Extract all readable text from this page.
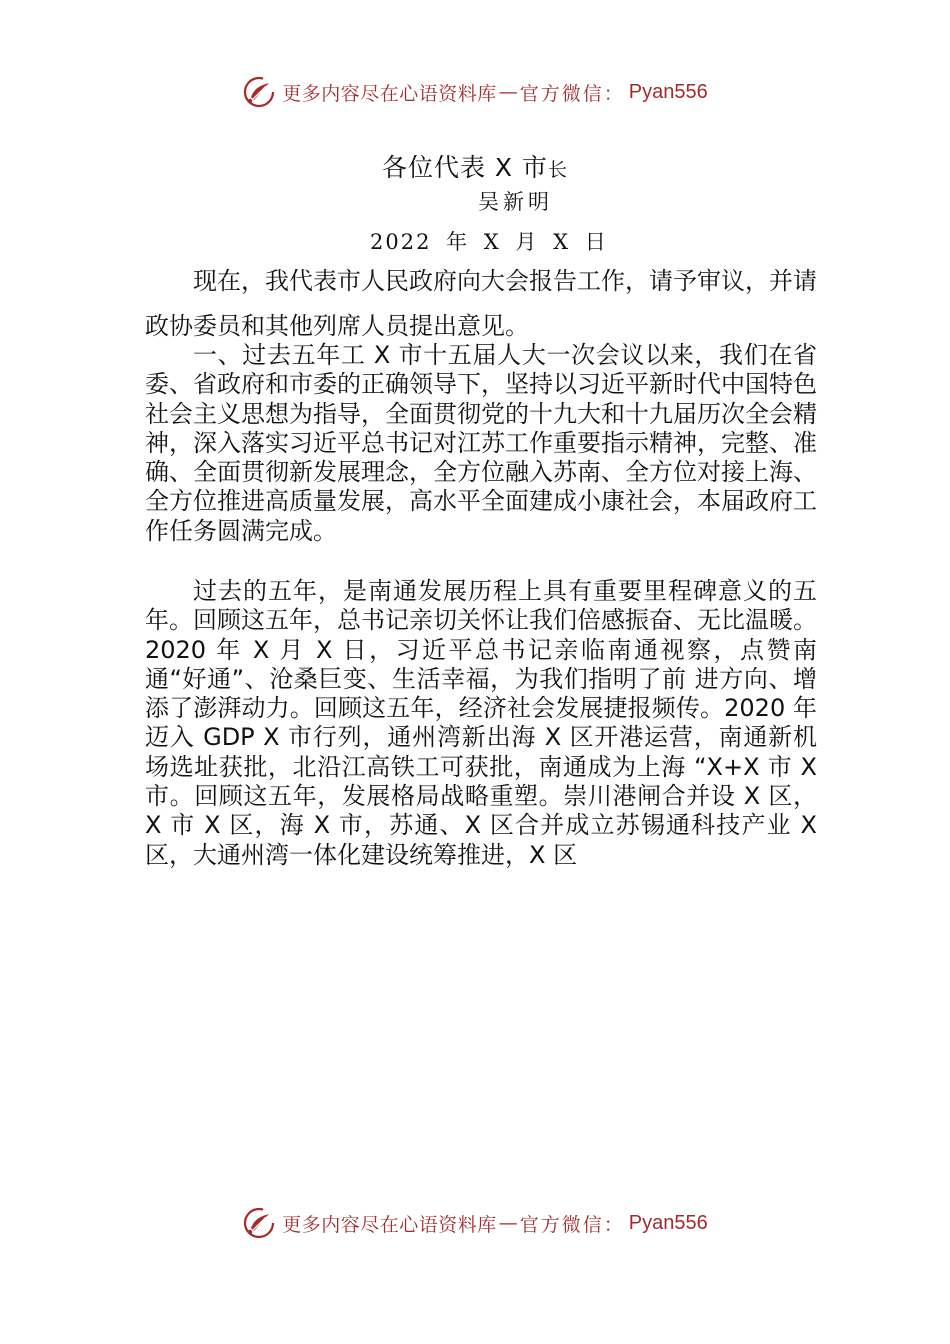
更多内容尽在心语资料库 — 官方微信： Pyan556
各位代表 X 市长
吴新明
2022 年 X 月 X 日

现在，我代表市人民政府向大会报告工作，请予审议，并请政协委员和其他列席人员提出意见。

一、过去五年工 X 市十五届人大一次会议以来，我们在省委、省政府和市委的正确领导下，坚持以习近平新时代中国特色社会主义思想为指导，全面贯彻党的十九大和十九届历次全会精神，深入落实习近平总书记对江苏工作重要指示精神，完整、准确、全面贯彻新发展理念，全方位融入苏南、全方位对接上海、 全方位推进高质量发展，高水平全面建成小康社会，本届政府工作任务圆满完成。

过去的五年，是南通发展历程上具有重要里程碑意义的五年。回顾这五年，总书记亲切关怀让我们倍感振奋、无比温暖。2020 年 X 月 X 日，习近平总书记亲临南通视察，点赞南通“好通”、沧桑巨变、生活幸福，为我们指明了前 进方向、增添了澎湃动力。回顾这五年，经济社会发展捷报频传。2020 年迈入 GDP X 市行列，通州湾新出海 X 区开港运营，南通新机场选址获批，北沿江高铁工可获批，南通成为上海 “X+X 市 X 市。回顾这五年，发展格局战略重塑。崇川港闸合并设 X 区，X 市 X 区，海 X 市，苏通、X 区合并成立苏锡通科技产业 X 区，大通州湾一体化建设统筹推进，X 区

更多内容尽在心语资料库 — 官方微信： Pyan556
